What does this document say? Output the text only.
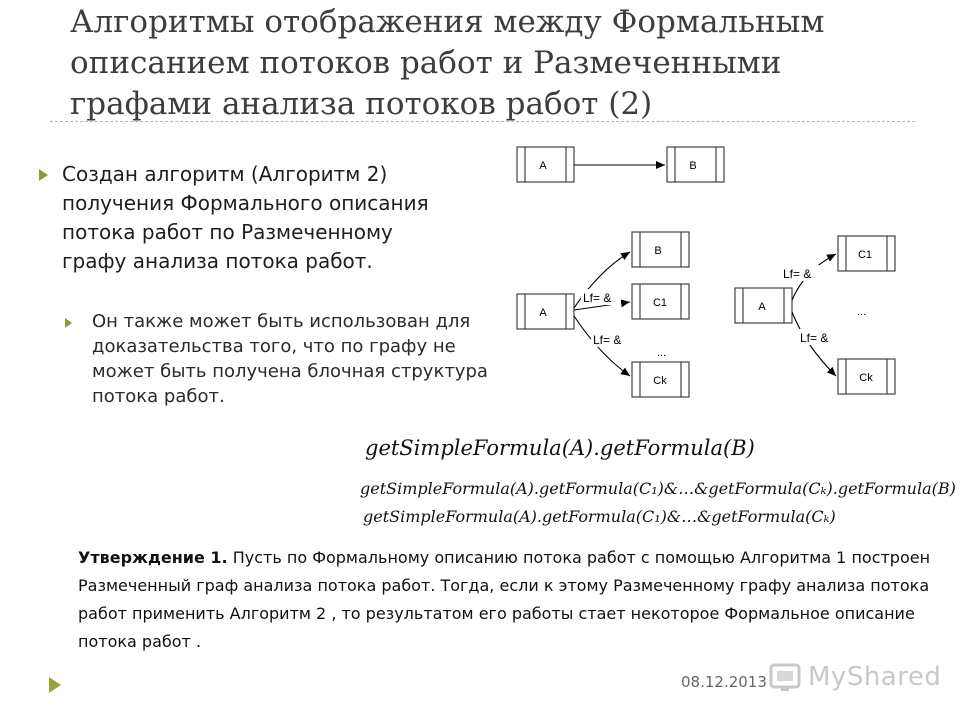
Алгоритмы отображения между Формальным
описанием потоков работ и Размеченными
графами анализа потоков работ (2)
Создан алгоритм (Алгоритм 2) получения Формального описания потока работ по Размеченному графу анализа потока работ.
Он также может быть использован для доказательства того, что по графу не может быть получена блочная структура потока работ.
A	B
A
B
C1
Ck
A
C1
Ck
Lf= &
Lf= &
...
Lf= &
Lf= &
...
getSimpleFormula(A).getFormula(B)
getSimpleFormula(A).getFormula(C₁)&…&getFormula(Cₖ).getFormula(B)
getSimpleFormula(A).getFormula(C₁)&…&getFormula(Cₖ)
Утверждение 1. Пусть по Формальному описанию потока работ с помощью Алгоритма 1 построен Размеченный граф анализа потока работ. Тогда, если к этому Размеченному графу анализа потока работ применить Алгоритм 2 , то результатом его работы стает некоторое Формальное описание потока работ .
08.12.2013 MyShared
